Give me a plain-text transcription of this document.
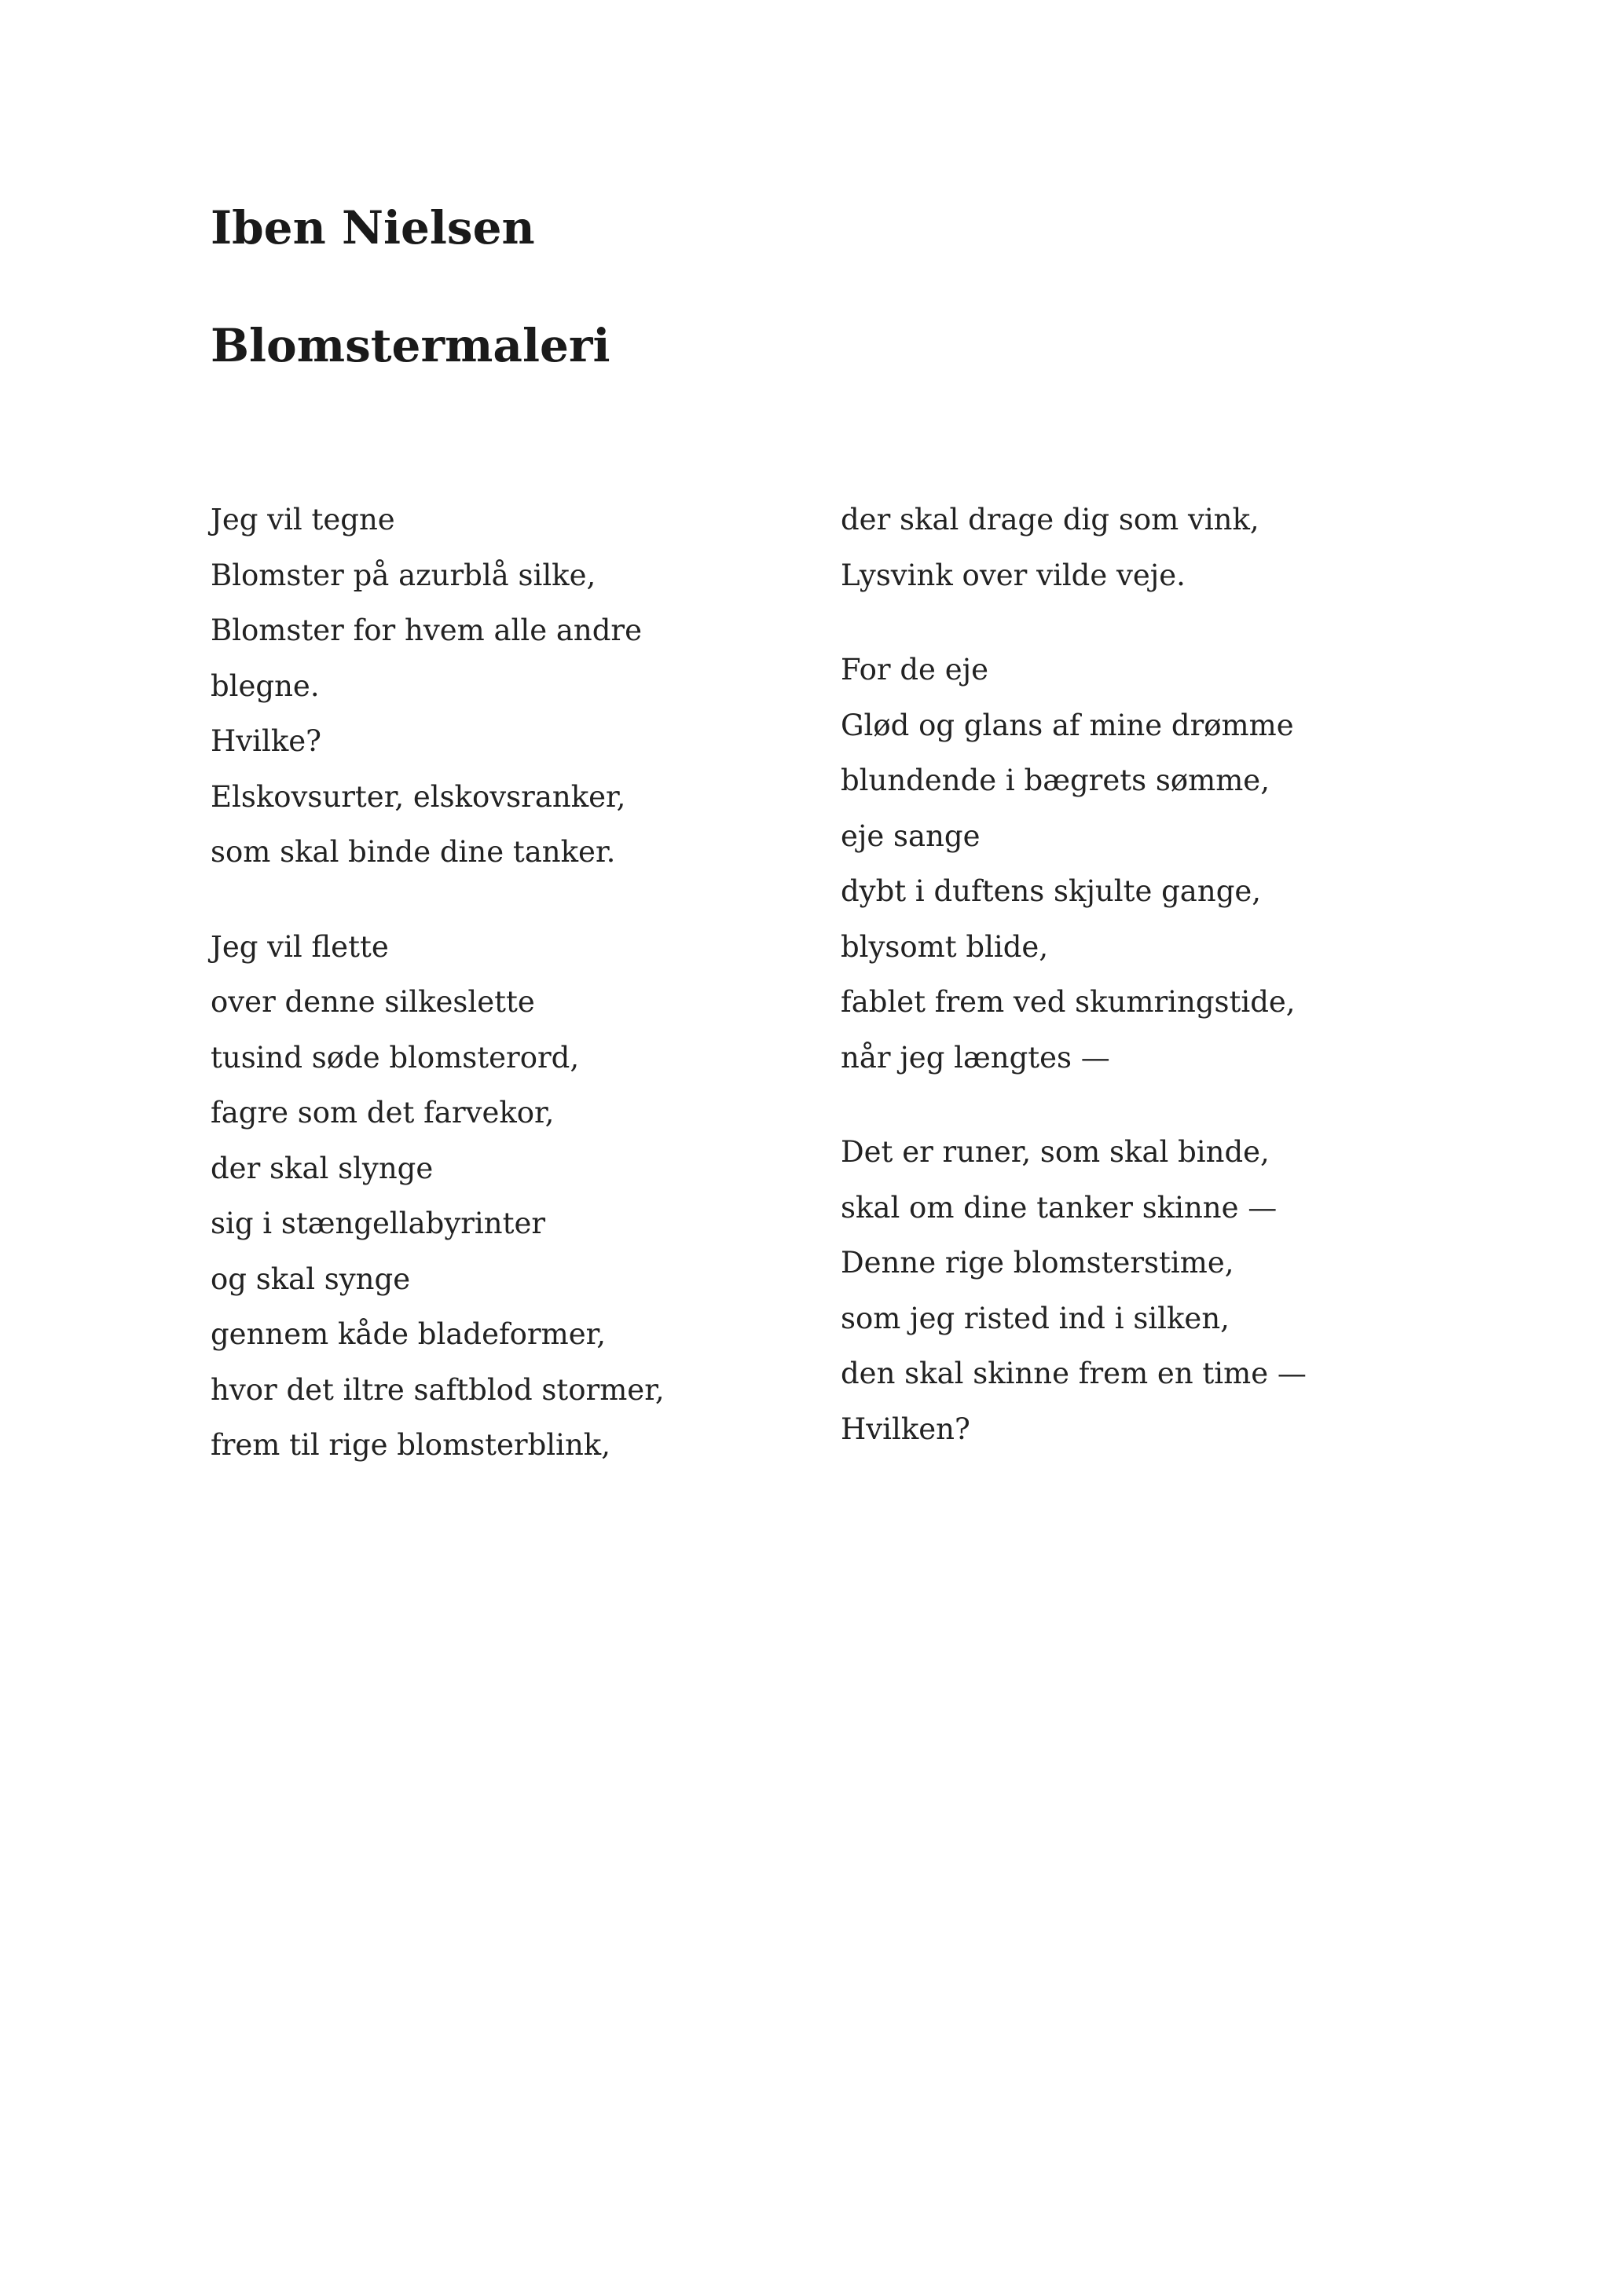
Iben Nielsen
Blomstermaleri
Jeg vil tegne
Blomster på azurblå silke,
Blomster for hvem alle andre
blegne.
Hvilke?
Elskovsurter, elskovsranker,
som skal binde dine tanker.
Jeg vil flette
over denne silkeslette
tusind søde blomsterord,
fagre som det farvekor,
der skal slynge
sig i stængellabyrinter
og skal synge
gennem kåde bladeformer,
hvor det iltre saftblod stormer,
frem til rige blomsterblink,
der skal drage dig som vink,
Lysvink over vilde veje.
For de eje
Glød og glans af mine drømme
blundende i bægrets sømme,
eje sange
dybt i duftens skjulte gange,
blysomt blide,
fablet frem ved skumringstide,
når jeg længtes —
Det er runer, som skal binde,
skal om dine tanker skinne —
Denne rige blomsterstime,
som jeg risted ind i silken,
den skal skinne frem en time —
Hvilken?
